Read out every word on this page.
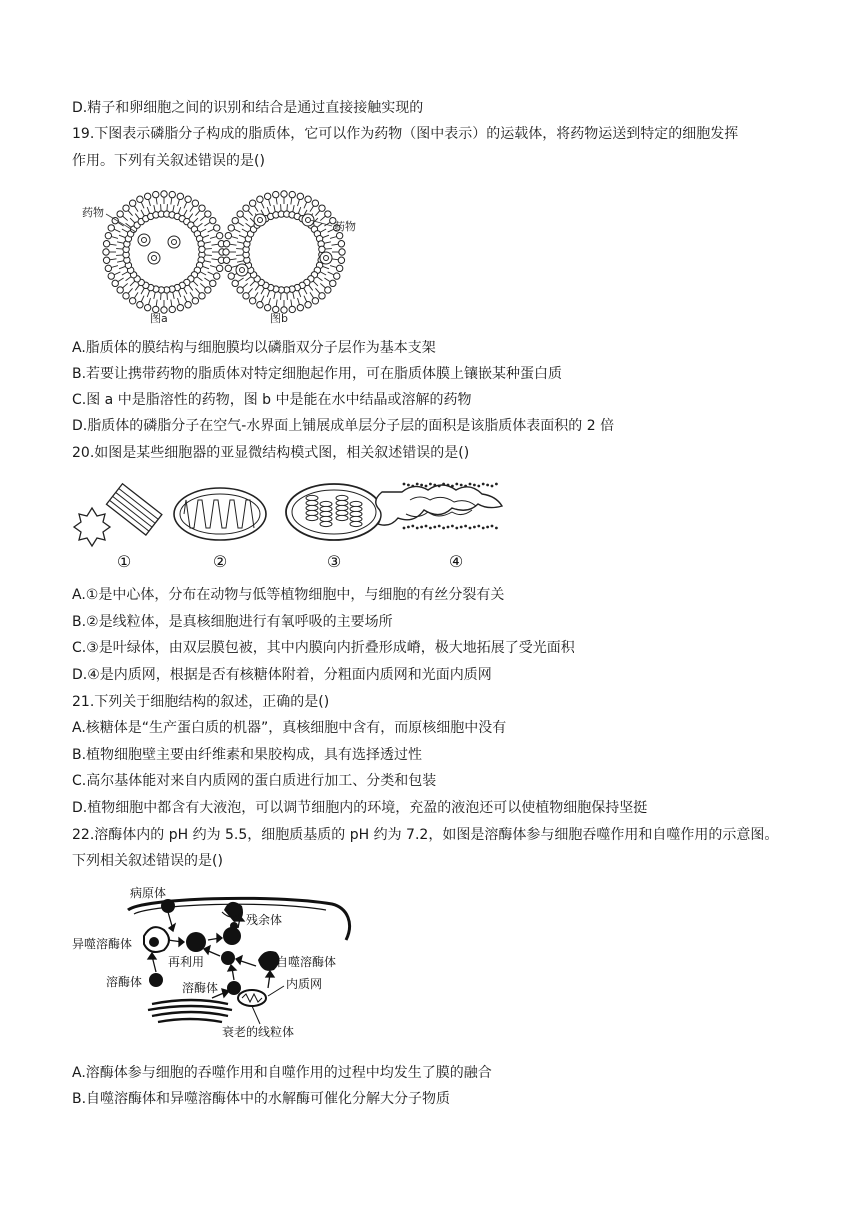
D.精子和卵细胞之间的识别和结合是通过直接接触实现的
19.下图表示磷脂分子构成的脂质体，它可以作为药物（图中表示）的运载体，将药物运送到特定的细胞发挥
作用。下列有关叙述错误的是()
药物
药物
图a	图b
A.脂质体的膜结构与细胞膜均以磷脂双分子层作为基本支架
B.若要让携带药物的脂质体对特定细胞起作用，可在脂质体膜上镶嵌某种蛋白质
C.图 a 中是脂溶性的药物，图 b 中是能在水中结晶或溶解的药物
D.脂质体的磷脂分子在空气-水界面上铺展成单层分子层的面积是该脂质体表面积的 2 倍
20.如图是某些细胞器的亚显微结构模式图，相关叙述错误的是()
①	②	③	④
A.①是中心体，分布在动物与低等植物细胞中，与细胞的有丝分裂有关
B.②是线粒体，是真核细胞进行有氧呼吸的主要场所
C.③是叶绿体，由双层膜包被，其中内膜向内折叠形成嵴，极大地拓展了受光面积
D.④是内质网，根据是否有核糖体附着，分粗面内质网和光面内质网
21.下列关于细胞结构的叙述，正确的是()
A.核糖体是“生产蛋白质的机器”，真核细胞中含有，而原核细胞中没有
B.植物细胞壁主要由纤维素和果胶构成，具有选择透过性
C.高尔基体能对来自内质网的蛋白质进行加工、分类和包装
D.植物细胞中都含有大液泡，可以调节细胞内的环境，充盈的液泡还可以使植物细胞保持坚挺
22.溶酶体内的 pH 约为 5.5，细胞质基质的 pH 约为 7.2，如图是溶酶体参与细胞吞噬作用和自噬作用的示意图。
下列相关叙述错误的是()
病原体
残余体
异噬溶酶体
再利用	自噬溶酶体
溶酶体	溶酶体	内质网
衰老的线粒体
A.溶酶体参与细胞的吞噬作用和自噬作用的过程中均发生了膜的融合
B.自噬溶酶体和异噬溶酶体中的水解酶可催化分解大分子物质
